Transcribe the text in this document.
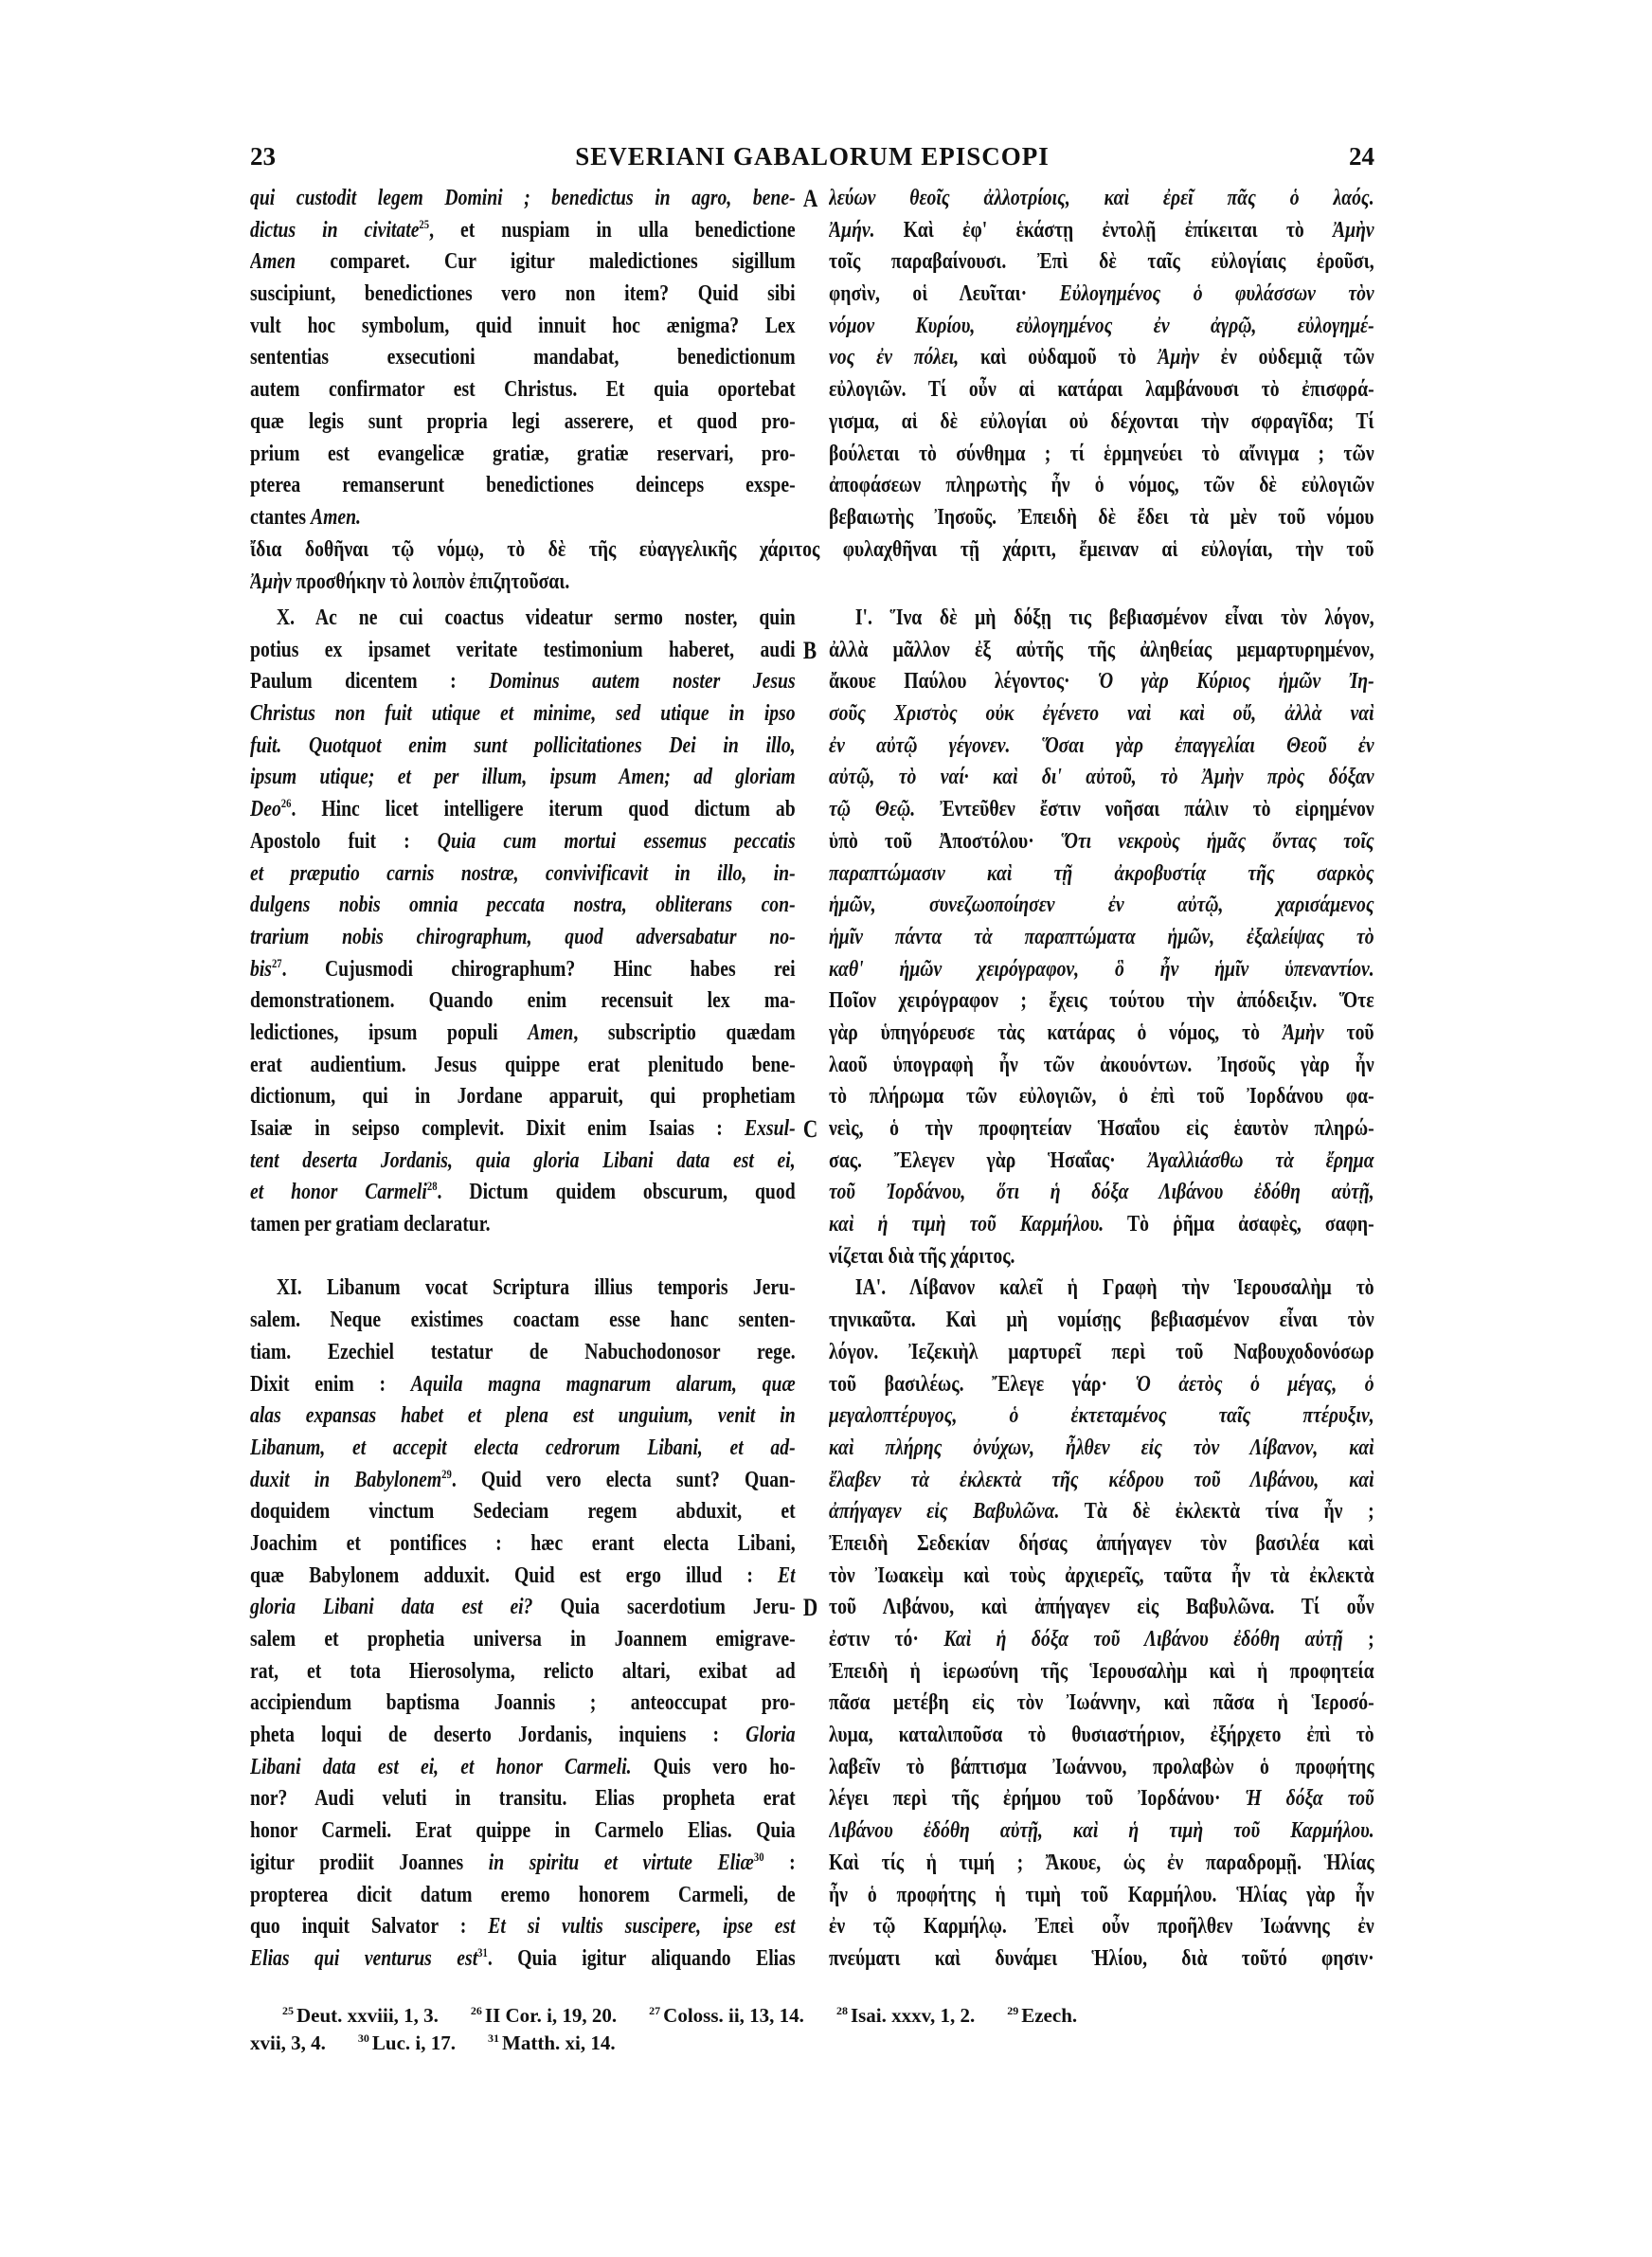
23	SEVERIANI GABALORUM EPISCOPI	24
qui custodit legem Domini ; benedictus in agro, bene- A
dictus in civitate$^{25}$, et nuspiam in ulla benedictione
Amen comparet. Cur igitur maledictiones sigillum
suscipiunt, benedictiones vero non item? Quid sibi
vult hoc symbolum, quid innuit hoc ænigma? Lex
sententias exsecutioni mandabat, benedictionum
autem confirmator est Christus. Et quia oportebat
quæ legis sunt propria legi asserere, et quod pro-
prium est evangelicæ gratiæ, gratiæ reservari, pro-
pterea remanserunt benedictiones deinceps exspe-
ctantes Amen.
λεύων θεοῖς ἀλλοτρίοις, καὶ ἐρεῖ πᾶς ὁ λαός.
Ἀμήν. Καὶ ἐφ' ἑκάστῃ ἐντολῇ ἐπίκειται τὸ Ἀμὴν
τοῖς παραβαίνουσι. Ἐπὶ δὲ ταῖς εὐλογίαις ἐροῦσι,
φησὶν, οἱ Λευῖται· Εὐλογημένος ὁ φυλάσσων τὸν
νόμον Κυρίου, εὐλογημένος ἐν ἀγρῷ, εὐλογημέ-
νος ἐν πόλει, καὶ οὐδαμοῦ τὸ Ἀμὴν ἐν οὐδεμιᾷ τῶν
εὐλογιῶν. Τί οὖν αἱ κατάραι λαμβάνουσι τὸ ἐπισφρά-
γισμα, αἱ δὲ εὐλογίαι οὐ δέχονται τὴν σφραγῖδα; Τί
βούλεται τὸ σύνθημα ; τί ἑρμηνεύει τὸ αἴνιγμα ; τῶν
ἀποφάσεων πληρωτὴς ἦν ὁ νόμος, τῶν δὲ εὐλογιῶν
βεβαιωτὴς Ἰησοῦς. Ἐπειδὴ δὲ ἔδει τὰ μὲν τοῦ νόμου
ἴδια δοθῆναι τῷ νόμῳ, τὸ δὲ τῆς εὐαγγελικῆς χάριτος φυλαχθῆναι τῇ χάριτι, ἔμειναν αἱ εὐλογίαι, τὴν τοῦ
Ἀμὴν προσθήκην τὸ λοιπὸν ἐπιζητοῦσαι.
X. Ac ne cui coactus videatur sermo noster, quin
potius ex ipsamet veritate testimonium haberet, audi B
Paulum dicentem : Dominus autem noster Jesus
Christus non fuit utique et minime, sed utique in ipso
fuit. Quotquot enim sunt pollicitationes Dei in illo,
ipsum utique; et per illum, ipsum Amen; ad gloriam
Deo$^{26}$. Hinc licet intelligere iterum quod dictum ab
Apostolo fuit : Quia cum mortui essemus peccatis
et præputio carnis nostræ, convivificavit in illo, in-
dulgens nobis omnia peccata nostra, obliterans con-
trarium nobis chirographum, quod adversabatur no-
bis$^{27}$. Cujusmodi chirographum? Hinc habes rei
demonstrationem. Quando enim recensuit lex ma-
ledictiones, ipsum populi Amen, subscriptio quædam
erat audientium. Jesus quippe erat plenitudo bene-
dictionum, qui in Jordane apparuit, qui prophetiam
Isaiæ in seipso complevit. Dixit enim Isaias : Exsul- C
tent deserta Jordanis, quia gloria Libani data est ei,
et honor Carmeli$^{28}$. Dictum quidem obscurum, quod
tamen per gratiam declaratur.
XI. Libanum vocat Scriptura illius temporis Jeru-
salem. Neque existimes coactam esse hanc senten-
tiam. Ezechiel testatur de Nabuchodonosor rege.
Dixit enim : Aquila magna magnarum alarum, quæ
alas expansas habet et plena est unguium, venit in
Libanum, et accepit electa cedrorum Libani, et ad-
duxit in Babylonem$^{29}$. Quid vero electa sunt? Quan-
doquidem vinctum Sedeciam regem abduxit, et
Joachim et pontifices : hæc erant electa Libani,
quæ Babylonem adduxit. Quid est ergo illud : Et
gloria Libani data est ei? Quia sacerdotium Jeru- D
salem et prophetia universa in Joannem emigrave-
rat, et tota Hierosolyma, relicto altari, exibat ad
accipiendum baptisma Joannis ; anteoccupat pro-
pheta loqui de deserto Jordanis, inquiens : Gloria
Libani data est ei, et honor Carmeli. Quis vero ho-
nor? Audi veluti in transitu. Elias propheta erat
honor Carmeli. Erat quippe in Carmelo Elias. Quia
igitur prodiit Joannes in spiritu et virtute Eliæ$^{30}$ :
propterea dicit datum eremo honorem Carmeli, de
quo inquit Salvator : Et si vultis suscipere, ipse est
Elias qui venturus est$^{31}$. Quia igitur aliquando Elias
Ι'. Ἵνα δὲ μὴ δόξῃ τις βεβιασμένον εἶναι τὸν λόγον,
ἀλλὰ μᾶλλον ἐξ αὐτῆς τῆς ἀληθείας μεμαρτυρημένον,
ἄκουε Παύλου λέγοντος· Ὁ γὰρ Κύριος ἡμῶν Ἰη-
σοῦς Χριστὸς οὐκ ἐγένετο ναὶ καὶ οὔ, ἀλλὰ ναὶ
ἐν αὐτῷ γέγονεν. Ὅσαι γὰρ ἐπαγγελίαι Θεοῦ ἐν
αὐτῷ, τὸ ναί· καὶ δι' αὐτοῦ, τὸ Ἀμὴν πρὸς δόξαν
τῷ Θεῷ. Ἐντεῦθεν ἔστιν νοῆσαι πάλιν τὸ εἰρημένον
ὑπὸ τοῦ Ἀποστόλου· Ὅτι νεκροὺς ἡμᾶς ὄντας τοῖς
παραπτώμασιν καὶ τῇ ἀκροβυστίᾳ τῆς σαρκὸς
ἡμῶν, συνεζωοποίησεν ἐν αὐτῷ, χαρισάμενος
ἡμῖν πάντα τὰ παραπτώματα ἡμῶν, ἐξαλείψας τὸ
καθ' ἡμῶν χειρόγραφον, ὃ ἦν ἡμῖν ὑπεναντίον.
Ποῖον χειρόγραφον ; ἔχεις τούτου τὴν ἀπόδειξιν. Ὅτε
γὰρ ὑπηγόρευσε τὰς κατάρας ὁ νόμος, τὸ Ἀμὴν τοῦ
λαοῦ ὑπογραφὴ ἦν τῶν ἀκουόντων. Ἰησοῦς γὰρ ἦν
τὸ πλήρωμα τῶν εὐλογιῶν, ὁ ἐπὶ τοῦ Ἰορδάνου φα-
νεὶς, ὁ τὴν προφητείαν Ἡσαΐου εἰς ἑαυτὸν πληρώ-
σας. Ἔλεγεν γὰρ Ἡσαΐας· Ἀγαλλιάσθω τὰ ἔρημα
τοῦ Ἰορδάνου, ὅτι ἡ δόξα Λιβάνου ἐδόθη αὐτῇ,
καὶ ἡ τιμὴ τοῦ Καρμήλου. Τὸ ῥῆμα ἀσαφὲς, σαφη-
νίζεται διὰ τῆς χάριτος.
ΙΑ'. Λίβανον καλεῖ ἡ Γραφὴ τὴν Ἱερουσαλὴμ τὸ
τηνικαῦτα. Καὶ μὴ νομίσῃς βεβιασμένον εἶναι τὸν
λόγον. Ἰεζεκιὴλ μαρτυρεῖ περὶ τοῦ Ναβουχοδονόσωρ
τοῦ βασιλέως. Ἔλεγε γάρ· Ὁ ἀετὸς ὁ μέγας, ὁ
μεγαλοπτέρυγος, ὁ ἐκτεταμένος ταῖς πτέρυξιν,
καὶ πλήρης ὀνύχων, ἦλθεν εἰς τὸν Λίβανον, καὶ
ἔλαβεν τὰ ἐκλεκτὰ τῆς κέδρου τοῦ Λιβάνου, καὶ
ἀπήγαγεν εἰς Βαβυλῶνα. Τὰ δὲ ἐκλεκτὰ τίνα ἦν ;
Ἐπειδὴ Σεδεκίαν δήσας ἀπήγαγεν τὸν βασιλέα καὶ
τὸν Ἰωακεὶμ καὶ τοὺς ἀρχιερεῖς, ταῦτα ἦν τὰ ἐκλεκτὰ
τοῦ Λιβάνου, καὶ ἀπήγαγεν εἰς Βαβυλῶνα. Τί οὖν
ἐστιν τό· Καὶ ἡ δόξα τοῦ Λιβάνου ἐδόθη αὐτῇ ;
Ἐπειδὴ ἡ ἱερωσύνη τῆς Ἱερουσαλὴμ καὶ ἡ προφητεία
πᾶσα μετέβη εἰς τὸν Ἰωάννην, καὶ πᾶσα ἡ Ἱεροσό-
λυμα, καταλιποῦσα τὸ θυσιαστήριον, ἐξήρχετο ἐπὶ τὸ
λαβεῖν τὸ βάπτισμα Ἰωάννου, προλαβὼν ὁ προφήτης
λέγει περὶ τῆς ἐρήμου τοῦ Ἰορδάνου· Ἡ δόξα τοῦ
Λιβάνου ἐδόθη αὐτῇ, καὶ ἡ τιμὴ τοῦ Καρμήλου.
Καὶ τίς ἡ τιμή ; Ἄκουε, ὡς ἐν παραδρομῇ. Ἡλίας
ἦν ὁ προφήτης ἡ τιμὴ τοῦ Καρμήλου. Ἡλίας γὰρ ἦν
ἐν τῷ Καρμήλῳ. Ἐπεὶ οὖν προῆλθεν Ἰωάννης ἐν
πνεύματι καὶ δυνάμει Ἡλίου, διὰ τοῦτό φησιν·
$^{25}$ Deut. xxviii, 1, 3.	$^{26}$ II Cor. i, 19, 20.	$^{27}$ Coloss. ii, 13, 14.	$^{28}$ Isai. xxxv, 1, 2.	$^{29}$ Ezech.
xvii, 3, 4.	$^{30}$ Luc. i, 17.	$^{31}$ Matth. xi, 14.
